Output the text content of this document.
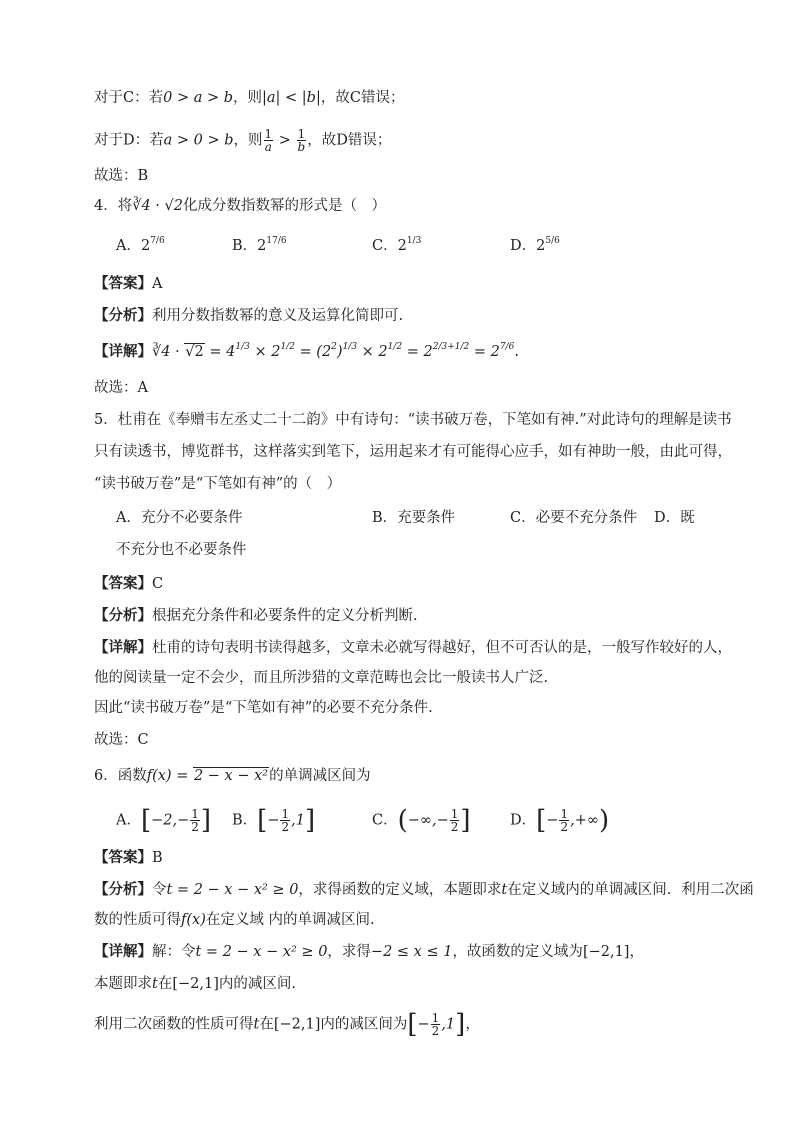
对于C：若0 > a > b，则|a| < |b|，故C错误；
对于D：若a > 0 > b，则 $\frac{1}{a} > \frac{1}{b}$ ，故D错误；
故选：B
4．将∛4 · √2化成分数指数幂的形式是（　）
A．$2^{7/6}$	B．$2^{17/6}$	C．$2^{1/3}$	D．$2^{5/6}$
【答案】A
【分析】利用分数指数幂的意义及运算化简即可.
【详解】∛4 · $√2 = 4^{1/3} \times 2^{1/2} = (2^2)^{1/3} \times 2^{1/2} = 2^{2/3+1/2} = 2^{7/6}$.
故选：A
5．杜甫在《奉赠韦左丞丈二十二韵》中有诗句：“读书破万卷，下笔如有神.”对此诗句的理解是读书
只有读透书，博览群书，这样落实到笔下，运用起来才有可能得心应手，如有神助一般，由此可得，
“读书破万卷”是“下笔如有神”的（　）
A．充分不必要条件	B．充要条件	C．必要不充分条件 D．既
不充分也不必要条件
【答案】C
【分析】根据充分条件和必要条件的定义分析判断.
【详解】杜甫的诗句表明书读得越多，文章未必就写得越好，但不可否认的是，一般写作较好的人，
他的阅读量一定不会少，而且所涉猎的文章范畴也会比一般读书人广泛.
因此“读书破万卷”是“下笔如有神”的必要不充分条件.
故选：C
6．函数f(x) = 2 − x − x²的单调减区间为
A．[$-2,- \frac{1}{2}$ ] B．[− $\frac{1}{2} ,1$]	C．(−∞,− $\frac{1}{2}$ ]	D．[− $\frac{1}{2}$ ,+∞)
【答案】B
【分析】令t = 2 − x − x² ≥ 0，求得函数的定义域，本题即求t在定义域内的单调减区间．利用二次函
数的性质可得f(x)在定义域 内的单调减区间.
【详解】解：令t = 2 − x − x² ≥ 0，求得−2 ≤ x ≤ 1，故函数的定义域为[−2,1]，
本题即求t在[−2,1]内的减区间.
利用二次函数的性质可得t在[−2,1]内的减区间为[− $\frac{1}{2} ,1$]，
